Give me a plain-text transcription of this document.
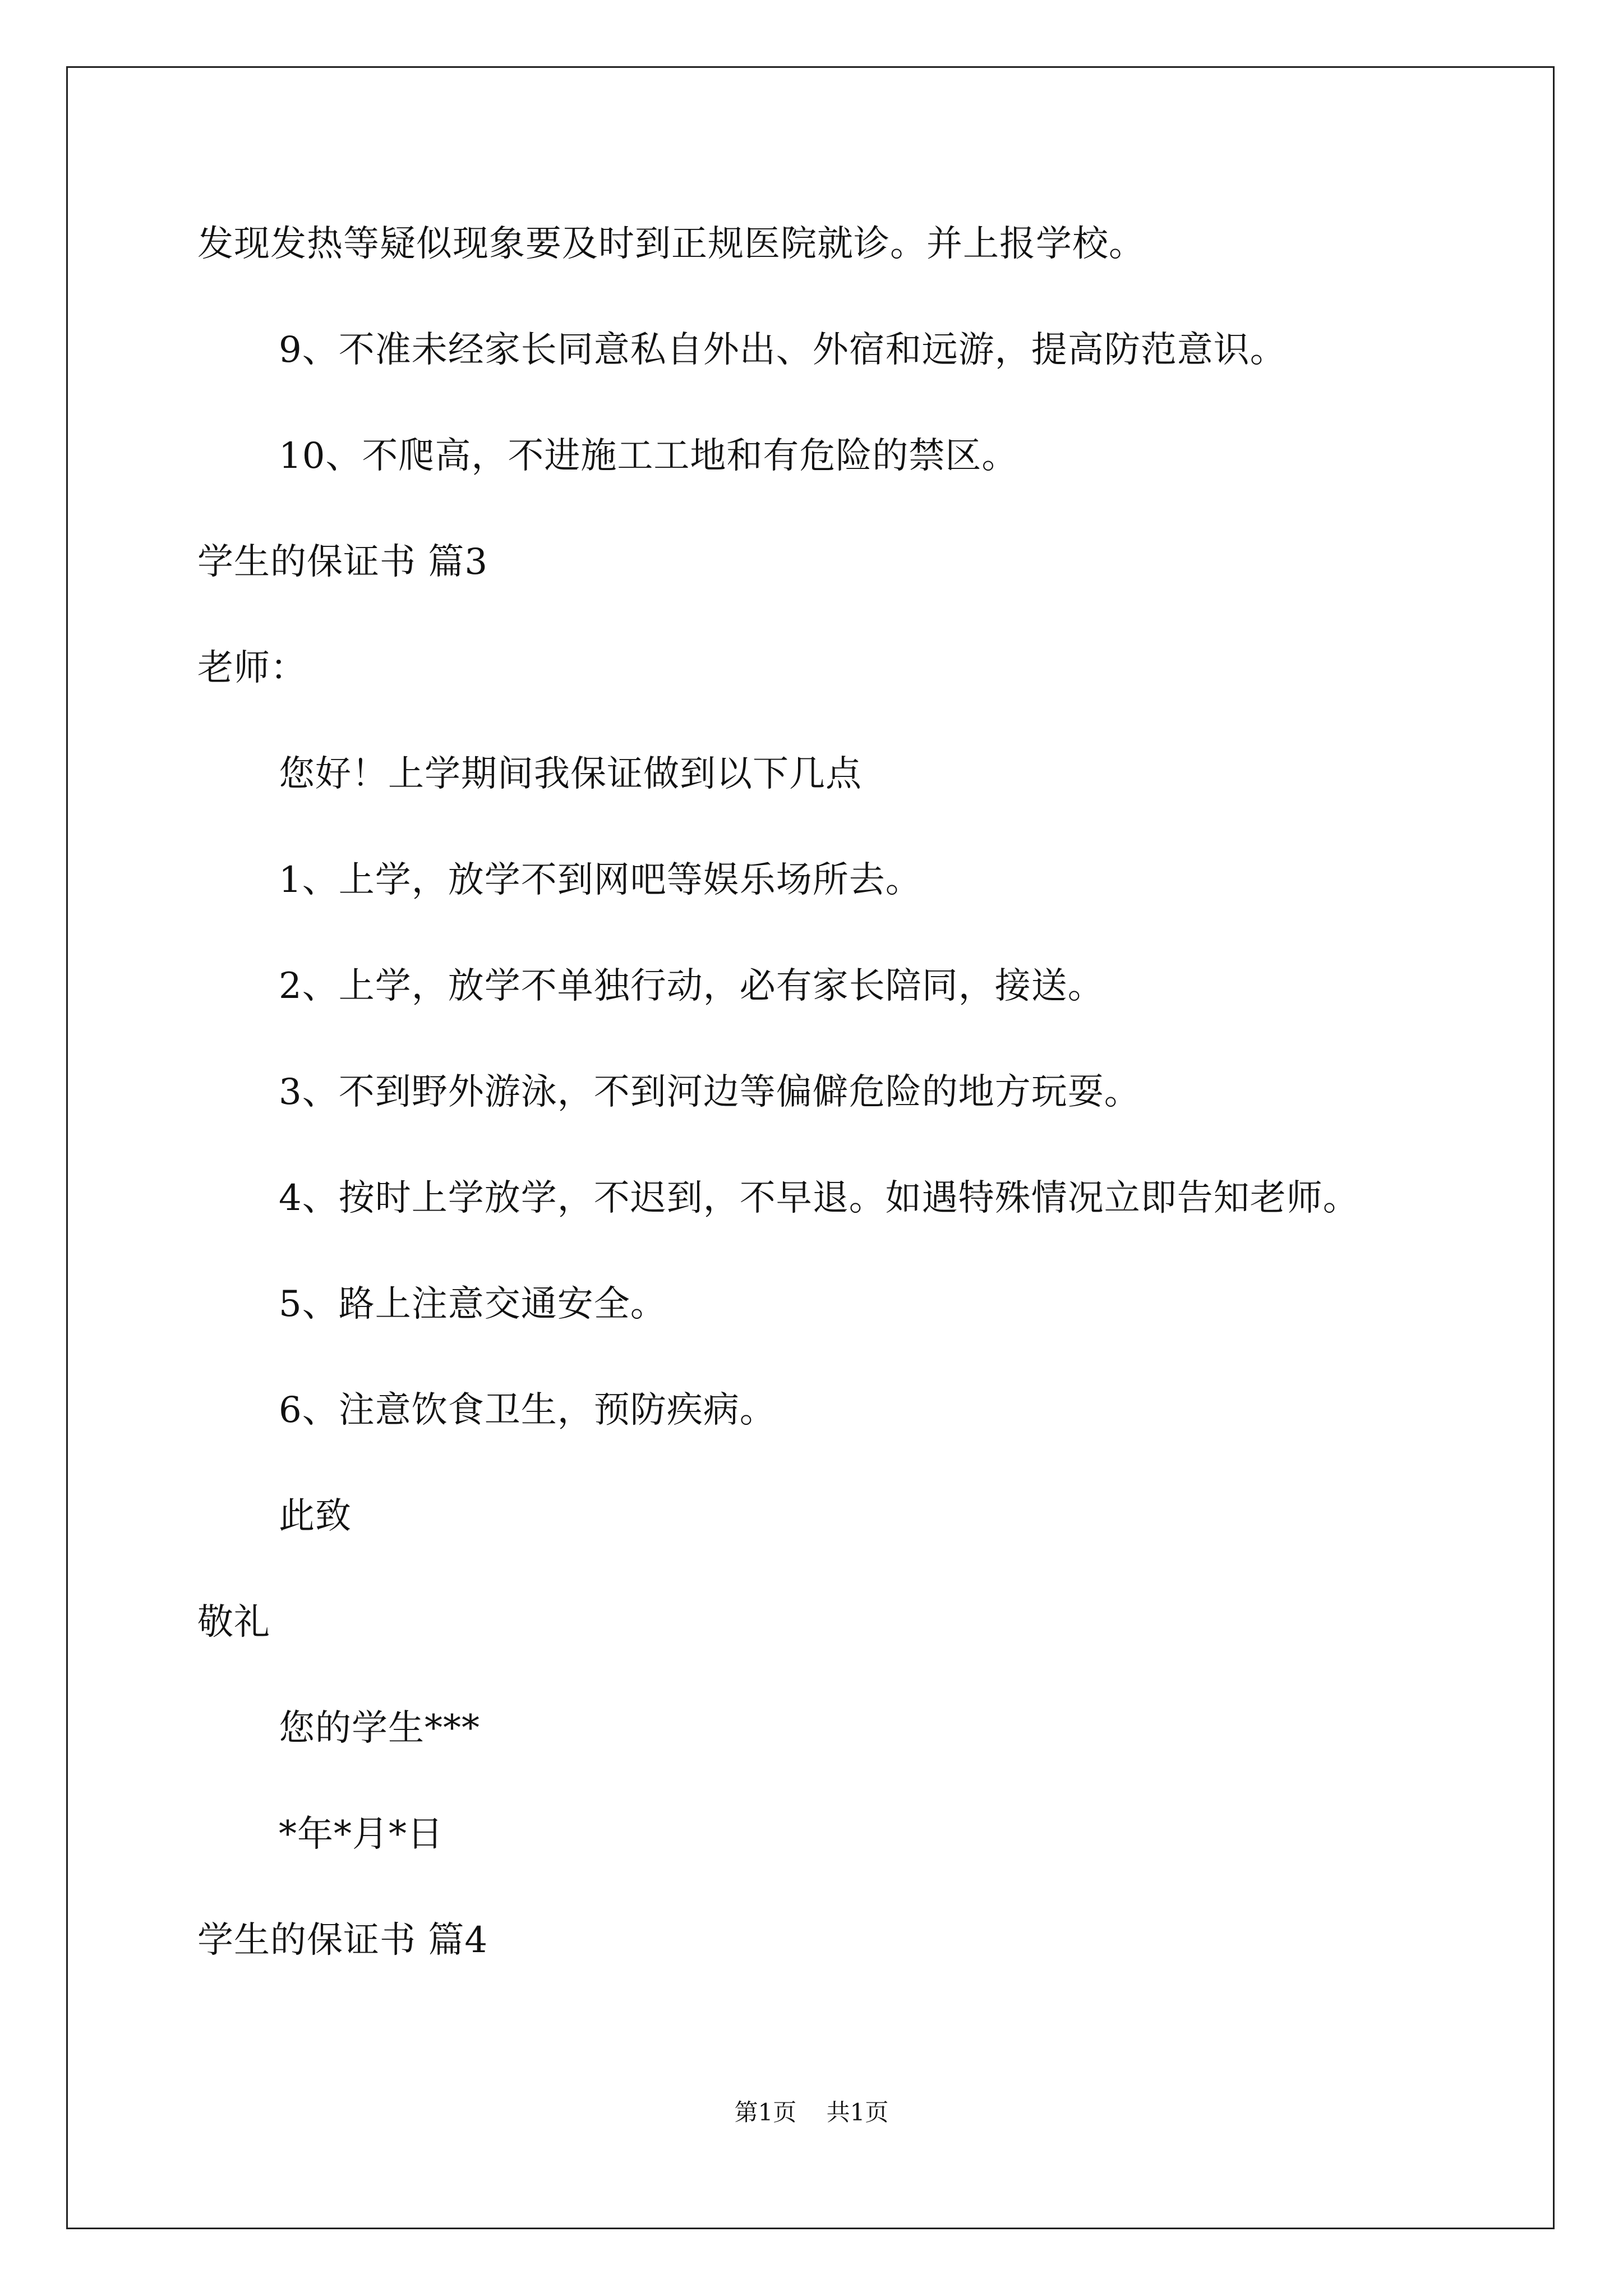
发现发热等疑似现象要及时到正规医院就诊。并上报学校。

9、不准未经家长同意私自外出、外宿和远游，提高防范意识。

10、不爬高，不进施工工地和有危险的禁区。

学生的保证书 篇3

老师：

您好！上学期间我保证做到以下几点

1、上学，放学不到网吧等娱乐场所去。

2、上学，放学不单独行动，必有家长陪同，接送。

3、不到野外游泳，不到河边等偏僻危险的地方玩耍。

4、按时上学放学，不迟到，不早退。如遇特殊情况立即告知老师。

5、路上注意交通安全。

6、注意饮食卫生，预防疾病。

此致

敬礼

您的学生***

*年*月*日

学生的保证书 篇4

第1页 共1页
